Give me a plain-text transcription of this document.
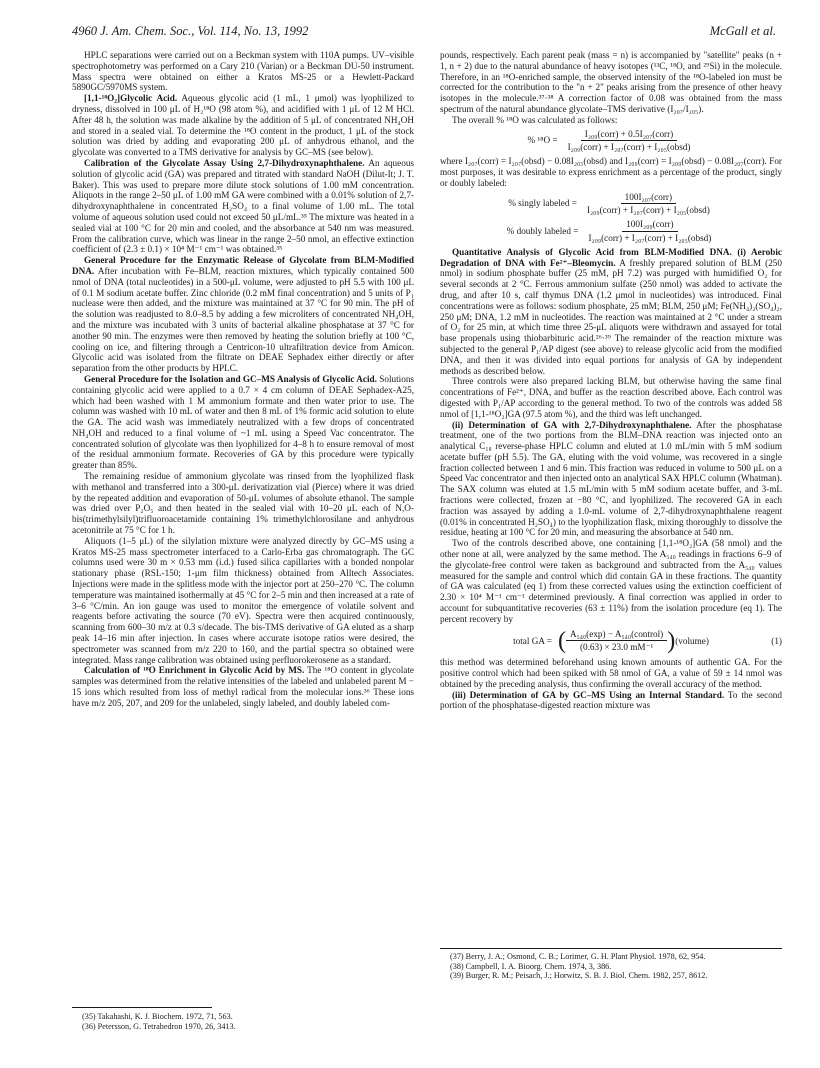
4960 J. Am. Chem. Soc., Vol. 114, No. 13, 1992	McGall et al.

HPLC separations were carried out on a Beckman system with 110A pumps. UV–visible spectrophotometry was performed on a Cary 210 (Varian) or a Beckman DU-50 instrument. Mass spectra were obtained on either a Kratos MS-25 or a Hewlett-Packard 5890GC/5970MS system.

[1,1-¹⁸O₂]Glycolic Acid. Aqueous glycolic acid (1 mL, 1 μmol) was lyophilized to dryness, dissolved in 100 μL of H₂¹⁸O (98 atom %), and acidified with 1 μL of 12 M HCl. After 48 h, the solution was made alkaline by the addition of 5 μL of concentrated NH₄OH and stored in a sealed vial. To determine the ¹⁸O content in the product, 1 μL of the stock solution was dried by adding and evaporating 200 μL of anhydrous ethanol, and the glycolate was converted to a TMS derivative for analysis by GC–MS (see below).

Calibration of the Glycolate Assay Using 2,7-Dihydroxynaphthalene. An aqueous solution of glycolic acid (GA) was prepared and titrated with standard NaOH (Dilut-It; J. T. Baker). This was used to prepare more dilute stock solutions of 1.00 mM concentration. Aliquots in the range 2–50 μL of 1.00 mM GA were combined with a 0.01% solution of 2,7-dihydroxynaphthalene in concentrated H₂SO₄ to a final volume of 1.00 mL. The total volume of aqueous solution used could not exceed 50 μL/mL.³⁵ The mixture was heated in a sealed vial at 100 °C for 20 min and cooled, and the absorbance at 540 nm was measured. From the calibration curve, which was linear in the range 2–50 nmol, an effective extinction coefficient of (2.3 ± 0.1) × 10⁴ M⁻¹ cm⁻¹ was obtained.³⁵

General Procedure for the Enzymatic Release of Glycolate from BLM-Modified DNA. After incubation with Fe–BLM, reaction mixtures, which typically contained 500 nmol of DNA (total nucleotides) in a 500-μL volume, were adjusted to pH 5.5 with 100 μL of 0.1 M sodium acetate buffer. Zinc chloride (0.2 mM final concentration) and 5 units of P₁ nuclease were then added, and the mixture was maintained at 37 °C for 90 min. The pH of the solution was readjusted to 8.0–8.5 by adding a few microliters of concentrated NH₄OH, and the mixture was incubated with 3 units of bacterial alkaline phosphatase at 37 °C for another 90 min. The enzymes were then removed by heating the solution briefly at 100 °C, cooling on ice, and filtering through a Centricon-10 ultrafiltration device from Amicon. Glycolic acid was isolated from the filtrate on DEAE Sephadex either directly or after separation from the other products by HPLC.

General Procedure for the Isolation and GC–MS Analysis of Glycolic Acid. Solutions containing glycolic acid were applied to a 0.7 × 4 cm column of DEAE Sephadex-A25, which had been washed with 1 M ammonium formate and then water prior to use. The column was washed with 10 mL of water and then 8 mL of 1% formic acid solution to elute the GA. The acid wash was immediately neutralized with a few drops of concentrated NH₄OH and reduced to a final volume of ~1 mL using a Speed Vac concentrator. The concentrated solution of glycolate was then lyophilized for 4–8 h to ensure removal of most of the residual ammonium formate. Recoveries of GA by this procedure were typically greater than 85%.

The remaining residue of ammonium glycolate was rinsed from the lyophilized flask with methanol and transferred into a 300-μL derivatization vial (Pierce) where it was dried by the repeated addition and evaporation of 50-μL volumes of absolute ethanol. The sample was dried over P₂O₅ and then heated in the sealed vial with 10–20 μL each of N,O-bis(trimethylsilyl)trifluoroacetamide containing 1% trimethylchlorosilane and anhydrous acetonitrile at 75 °C for 1 h.

Aliquots (1–5 μL) of the silylation mixture were analyzed directly by GC–MS using a Kratos MS-25 mass spectrometer interfaced to a Carlo-Erba gas chromatograph. The GC columns used were 30 m × 0.53 mm (i.d.) fused silica capillaries with a bonded nonpolar stationary phase (RSL-150; 1-μm film thickness) obtained from Alltech Associates. Injections were made in the splitless mode with the injector port at 250–270 °C. The column temperature was maintained isothermally at 45 °C for 2–5 min and then increased at a rate of 3–6 °C/min. An ion gauge was used to monitor the emergence of volatile solvent and reagents before activating the source (70 eV). Spectra were then acquired continuously, scanning from 600–30 m/z at 0.3 s/decade. The bis-TMS derivative of GA eluted as a sharp peak 14–16 min after injection. In cases where accurate isotope ratios were desired, the spectrometer was scanned from m/z 220 to 160, and the partial spectra so obtained were integrated. Mass range calibration was obtained using perfluorokerosene as a standard.

Calculation of ¹⁸O Enrichment in Glycolic Acid by MS. The ¹⁸O content in glycolate samples was determined from the relative intensities of the labeled and unlabeled parent M − 15 ions which resulted from loss of methyl radical from the molecular ions.³⁶ These ions have m/z 205, 207, and 209 for the unlabeled, singly labeled, and doubly labeled com-

(35) Takahashi, K. J. Biochem. 1972, 71, 563.

(36) Petersson, G. Tetrahedron 1970, 26, 3413.

pounds, respectively. Each parent peak (mass = n) is accompanied by "satellite" peaks (n + 1, n + 2) due to the natural abundance of heavy isotopes (¹³C, ¹⁸O, and ²⁹Si) in the molecule. Therefore, in an ¹⁸O-enriched sample, the observed intensity of the ¹⁸O-labeled ion must be corrected for the contribution to the "n + 2" peaks arising from the presence of other heavy isotopes in the molecule.³⁷·³⁸ A correction factor of 0.08 was obtained from the mass spectrum of the natural abundance glycolate–TMS derivative (I₂₀₇/I₂₀₅).

The overall % ¹⁸O was calculated as follows:

% $^{18}O = \frac{\text{I₂₀₉(corr) + 0.5I₂₀₇(corr)}}{\text{I₂₀₉(corr) + I₂₀₇(corr) + I₂₀₅(obsd)}}$

where I₂₀₇(corr) = I₂₀₇(obsd) − 0.08I₂₀₅(obsd) and I₂₀₉(corr) = I₂₀₉(obsd) − 0.08I₂₀₇(corr). For most purposes, it was desirable to express enrichment as a percentage of the product, singly or doubly labeled:

% singly labeled = $\frac{\text{100I₂₀₇(corr)}}{\text{I₂₀₉(corr) + I₂₀₇(corr) + I₂₀₅(obsd)}}$
% doubly labeled = $\frac{\text{100I₂₀₉(corr)}}{\text{I₂₀₉(corr) + I₂₀₇(corr) + I₂₀₅(obsd)}}$

Quantitative Analysis of Glycolic Acid from BLM-Modified DNA. (i) Aerobic Degradation of DNA with Fe²⁺–Bleomycin. A freshly prepared solution of BLM (250 nmol) in sodium phosphate buffer (25 mM, pH 7.2) was purged with humidified O₂ for several seconds at 2 °C. Ferrous ammonium sulfate (250 nmol) was added to activate the drug, and after 10 s, calf thymus DNA (1.2 μmol in nucleotides) was introduced. Final concentrations were as follows: sodium phosphate, 25 mM; BLM, 250 μM; Fe(NH₄)₂(SO₄)₂, 250 μM; DNA, 1.2 mM in nucleotides. The reaction was maintained at 2 °C under a stream of O₂ for 25 min, at which time three 25-μL aliquots were withdrawn and assayed for total base propenals using thiobarbituric acid.²⁶·³⁹ The remainder of the reaction mixture was subjected to the general P₁/AP digest (see above) to release glycolic acid from the modified DNA, and then it was divided into equal portions for analysis of GA by independent methods as described below.

Three controls were also prepared lacking BLM, but otherwise having the same final concentrations of Fe²⁺, DNA, and buffer as the reaction described above. Each control was digested with P₁/AP according to the general method. To two of the controls was added 58 nmol of [1,1-¹⁸O₂]GA (97.5 atom %), and the third was left unchanged.

(ii) Determination of GA with 2,7-Dihydroxynaphthalene. After the phosphatase treatment, one of the two portions from the BLM–DNA reaction was injected onto an analytical C₁₈ reverse-phase HPLC column and eluted at 1.0 mL/min with 5 mM sodium acetate buffer (pH 5.5). The GA, eluting with the void volume, was recovered in a single fraction collected between 1 and 6 min. This fraction was reduced in volume to 500 μL on a Speed Vac concentrator and then injected onto an analytical SAX HPLC column (Whatman). The SAX column was eluted at 1.5 mL/min with 5 mM sodium acetate buffer, and 3-mL fractions were collected, frozen at −80 °C, and lyophilized. The recovered GA in each fraction was assayed by adding a 1.0-mL volume of 2,7-dihydroxynaphthalene reagent (0.01% in concentrated H₂SO₄) to the lyophilization flask, mixing thoroughly to dissolve the residue, heating at 100 °C for 20 min, and measuring the absorbance at 540 nm.

Two of the controls described above, one containing [1,1-¹⁸O₂]GA (58 nmol) and the other none at all, were analyzed by the same method. The A₅₄₀ readings in fractions 6–9 of the glycolate-free control were taken as background and subtracted from the A₅₄₀ values measured for the sample and control which did contain GA in these fractions. The quantity of GA was calculated (eq 1) from these corrected values using the extinction coefficient of 2.30 × 10⁴ M⁻¹ cm⁻¹ determined previously. A final correction was applied in order to account for subquantitative recoveries (63 ± 11%) from the isolation procedure (eq 1). The percent recovery by

total GA = ( $\frac{\text{A₅₄₀(exp) − A₅₄₀(control)}}{\text{(0.63) × 23.0 mM⁻¹}}$ ) (volume)	(1)

this method was determined beforehand using known amounts of authentic GA. For the positive control which had been spiked with 58 nmol of GA, a value of 59 ± 14 nmol was obtained by the preceding analysis, thus confirming the overall accuracy of the method.

(iii) Determination of GA by GC–MS Using an Internal Standard. To the second portion of the phosphatase-digested reaction mixture was

(37) Berry, J. A.; Osmond, C. B.; Lorimer, G. H. Plant Physiol. 1978, 62, 954.

(38) Campbell, I. A. Bioorg. Chem. 1974, 3, 386.

(39) Burger, R. M.; Peisach, J.; Horwitz, S. B. J. Biol. Chem. 1982, 257, 8612.
